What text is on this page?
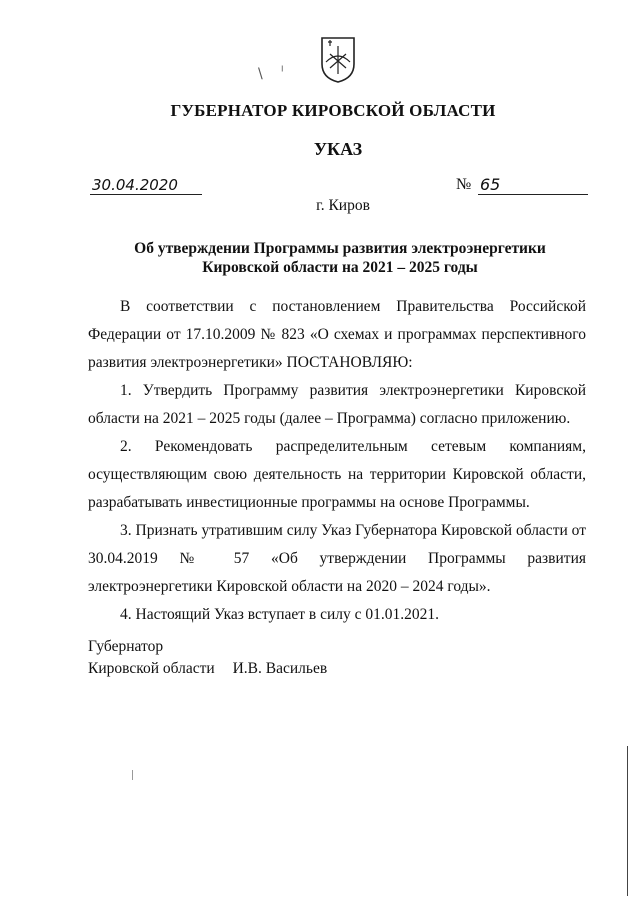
\ ˡ
ГУБЕРНАТОР КИРОВСКОЙ ОБЛАСТИ
УКАЗ
30.04.2020	№ 65
г. Киров
Об утверждении Программы развития электроэнергетики
Кировской области на 2021 – 2025 годы

В соответствии с постановлением Правительства Российской Федерации от 17.10.2009 № 823 «О схемах и программах перспективного развития электроэнергетики» ПОСТАНОВЛЯЮ:

1. Утвердить Программу развития электроэнергетики Кировской области на 2021 – 2025 годы (далее – Программа) согласно приложению.

2. Рекомендовать распределительным сетевым компаниям, осуществляющим свою деятельность на территории Кировской области, разрабатывать инвестиционные программы на основе Программы.

3. Признать утратившим силу Указ Губернатора Кировской области от 30.04.2019 № 57 «Об утверждении Программы развития электроэнергетики Кировской области на 2020 – 2024 годы».

4. Настоящий Указ вступает в силу с 01.01.2021.

Губернатор
Кировской области И.В. Васильев
